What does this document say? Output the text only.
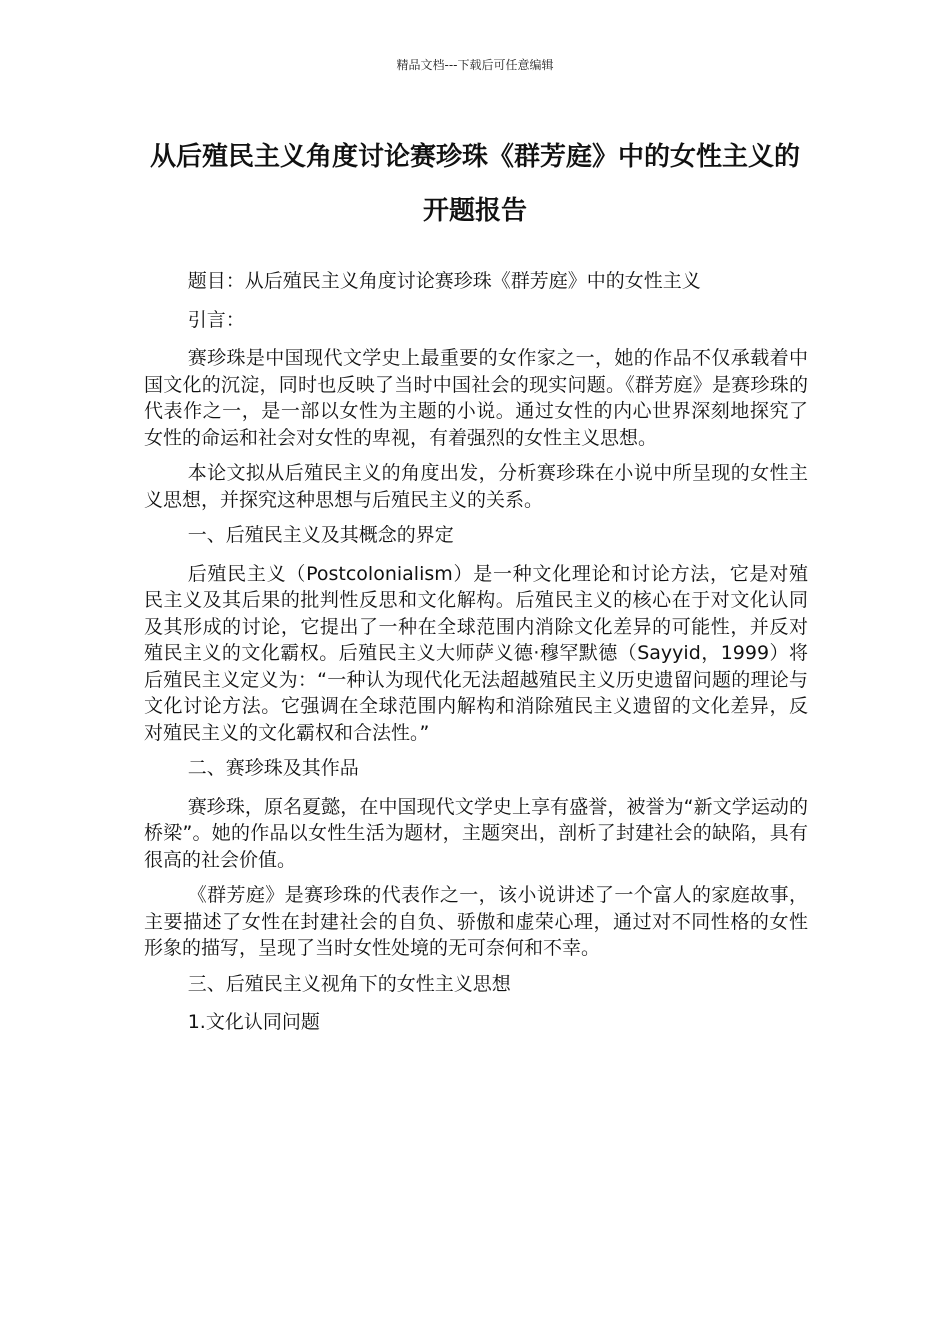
精品文档---下载后可任意编辑
从后殖民主义角度讨论赛珍珠《群芳庭》中的女性主义的开题报告

题目：从后殖民主义角度讨论赛珍珠《群芳庭》中的女性主义

引言：

赛珍珠是中国现代文学史上最重要的女作家之一，她的作品不仅承载着中国文化的沉淀，同时也反映了当时中国社会的现实问题。《群芳庭》是赛珍珠的代表作之一，是一部以女性为主题的小说。通过女性的内心世界深刻地探究了女性的命运和社会对女性的卑视，有着强烈的女性主义思想。

本论文拟从后殖民主义的角度出发，分析赛珍珠在小说中所呈现的女性主义思想，并探究这种思想与后殖民主义的关系。

一、后殖民主义及其概念的界定

后殖民主义（Postcolonialism）是一种文化理论和讨论方法，它是对殖民主义及其后果的批判性反思和文化解构。后殖民主义的核心在于对文化认同及其形成的讨论，它提出了一种在全球范围内消除文化差异的可能性，并反对殖民主义的文化霸权。后殖民主义大师萨义德·穆罕默德（Sayyid，1999）将后殖民主义定义为：“一种认为现代化无法超越殖民主义历史遗留问题的理论与文化讨论方法。它强调在全球范围内解构和消除殖民主义遗留的文化差异，反对殖民主义的文化霸权和合法性。”

二、赛珍珠及其作品

赛珍珠，原名夏懿，在中国现代文学史上享有盛誉，被誉为“新文学运动的桥梁”。她的作品以女性生活为题材，主题突出，剖析了封建社会的缺陷，具有很高的社会价值。

《群芳庭》是赛珍珠的代表作之一，该小说讲述了一个富人的家庭故事，主要描述了女性在封建社会的自负、骄傲和虚荣心理，通过对不同性格的女性形象的描写，呈现了当时女性处境的无可奈何和不幸。

三、后殖民主义视角下的女性主义思想

1.文化认同问题
